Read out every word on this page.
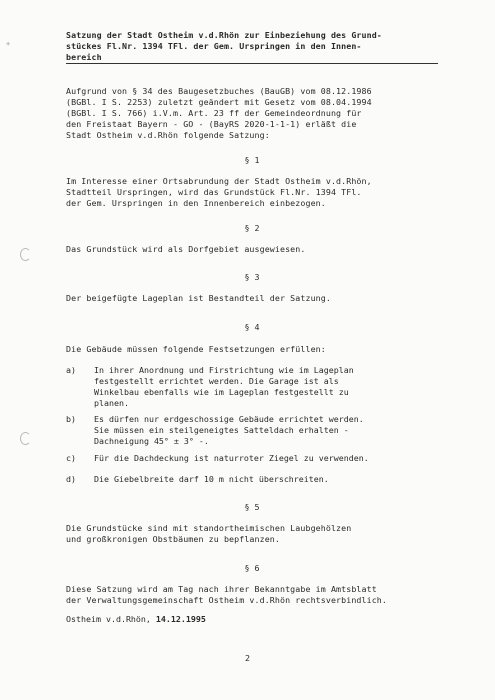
+
Satzung der Stadt Ostheim v.d.Rhön zur Einbeziehung des Grund-
stückes Fl.Nr. 1394 TFl. der Gem. Urspringen in den Innen-
bereich
Aufgrund von § 34 des Baugesetzbuches (BauGB) vom 08.12.1986
(BGBl. I S. 2253) zuletzt geändert mit Gesetz vom 08.04.1994
(BGBl. I S. 766) i.V.m. Art. 23 ff der Gemeindeordnung für
den Freistaat Bayern - GO - (BayRS 2020-1-1-1) erläßt die
Stadt Ostheim v.d.Rhön folgende Satzung:
§ 1
Im Interesse einer Ortsabrundung der Stadt Ostheim v.d.Rhön,
Stadtteil Urspringen, wird das Grundstück Fl.Nr. 1394 TFl.
der Gem. Urspringen in den Innenbereich einbezogen.
§ 2
Das Grundstück wird als Dorfgebiet ausgewiesen.
§ 3
Der beigefügte Lageplan ist Bestandteil der Satzung.
§ 4
Die Gebäude müssen folgende Festsetzungen erfüllen:
a) In ihrer Anordnung und Firstrichtung wie im Lageplan
festgestellt errichtet werden. Die Garage ist als
Winkelbau ebenfalls wie im Lageplan festgestellt zu
planen.
b) Es dürfen nur erdgeschossige Gebäude errichtet werden.
Sie müssen ein steilgeneigtes Satteldach erhalten -
Dachneigung 45° ± 3° -.
c) Für die Dachdeckung ist naturroter Ziegel zu verwenden.
d) Die Giebelbreite darf 10 m nicht überschreiten.
§ 5
Die Grundstücke sind mit standortheimischen Laubgehölzen
und großkronigen Obstbäumen zu bepflanzen.
§ 6
Diese Satzung wird am Tag nach ihrer Bekanntgabe im Amtsblatt
der Verwaltungsgemeinschaft Ostheim v.d.Rhön rechtsverbindlich.
Ostheim v.d.Rhön, 14.12.1995
2
